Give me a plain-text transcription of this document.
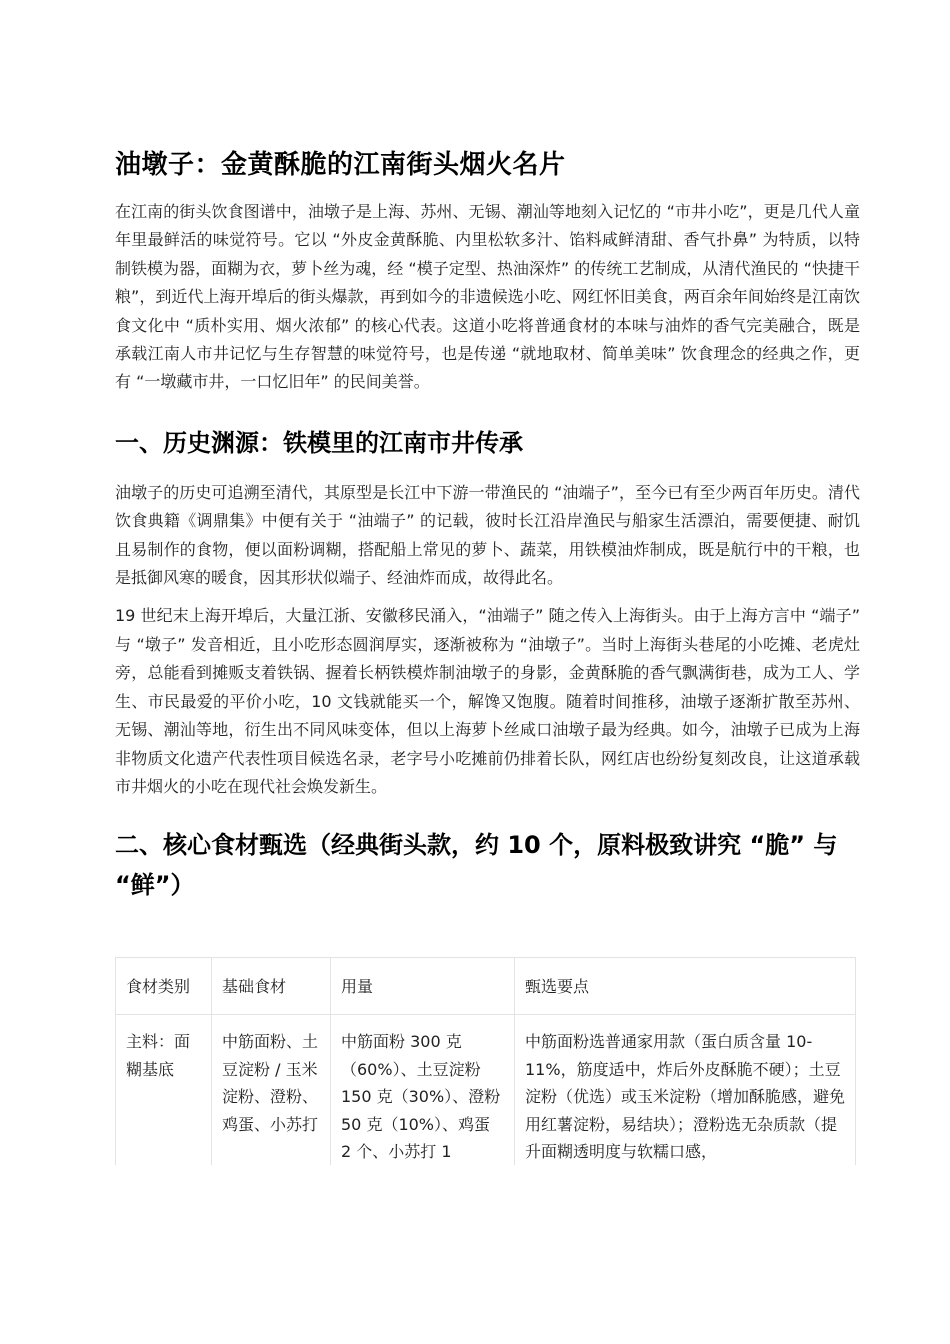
油墩子：金黄酥脆的江南街头烟火名片

在江南的街头饮食图谱中，油墩子是上海、苏州、无锡、潮汕等地刻入记忆的 “市井小吃”，更是几代人童年里最鲜活的味觉符号。它以 “外皮金黄酥脆、内里松软多汁、馅料咸鲜清甜、香气扑鼻” 为特质，以特制铁模为器，面糊为衣，萝卜丝为魂，经 “模子定型、热油深炸” 的传统工艺制成，从清代渔民的 “快捷干粮”，到近代上海开埠后的街头爆款，再到如今的非遗候选小吃、网红怀旧美食，两百余年间始终是江南饮食文化中 “质朴实用、烟火浓郁” 的核心代表。这道小吃将普通食材的本味与油炸的香气完美融合，既是承载江南人市井记忆与生存智慧的味觉符号，也是传递 “就地取材、简单美味” 饮食理念的经典之作，更有 “一墩藏市井，一口忆旧年” 的民间美誉。

一、历史渊源：铁模里的江南市井传承

油墩子的历史可追溯至清代，其原型是长江中下游一带渔民的 “油端子”，至今已有至少两百年历史。清代饮食典籍《调鼎集》中便有关于 “油端子” 的记载，彼时长江沿岸渔民与船家生活漂泊，需要便捷、耐饥且易制作的食物，便以面粉调糊，搭配船上常见的萝卜、蔬菜，用铁模油炸制成，既是航行中的干粮，也是抵御风寒的暖食，因其形状似端子、经油炸而成，故得此名。

19 世纪末上海开埠后，大量江浙、安徽移民涌入，“油端子” 随之传入上海街头。由于上海方言中 “端子” 与 “墩子” 发音相近，且小吃形态圆润厚实，逐渐被称为 “油墩子”。当时上海街头巷尾的小吃摊、老虎灶旁，总能看到摊贩支着铁锅、握着长柄铁模炸制油墩子的身影，金黄酥脆的香气飘满街巷，成为工人、学生、市民最爱的平价小吃，10 文钱就能买一个，解馋又饱腹。随着时间推移，油墩子逐渐扩散至苏州、无锡、潮汕等地，衍生出不同风味变体，但以上海萝卜丝咸口油墩子最为经典。如今，油墩子已成为上海非物质文化遗产代表性项目候选名录，老字号小吃摊前仍排着长队，网红店也纷纷复刻改良，让这道承载市井烟火的小吃在现代社会焕发新生。

二、核心食材甄选（经典街头款，约 10 个，原料极致讲究 “脆” 与 “鲜”）
食材类别	基础食材	用量	甄选要点
主料：面糊基底	中筋面粉、土豆淀粉 / 玉米淀粉、澄粉、鸡蛋、小苏打	中筋面粉 300 克（60%）、土豆淀粉 150 克（30%）、澄粉 50 克（10%）、鸡蛋 2 个、小苏打 1	中筋面粉选普通家用款（蛋白质含量 10-11%，筋度适中，炸后外皮酥脆不硬）；土豆淀粉（优选）或玉米淀粉（增加酥脆感，避免用红薯淀粉，易结块）；澄粉选无杂质款（提升面糊透明度与软糯口感，
